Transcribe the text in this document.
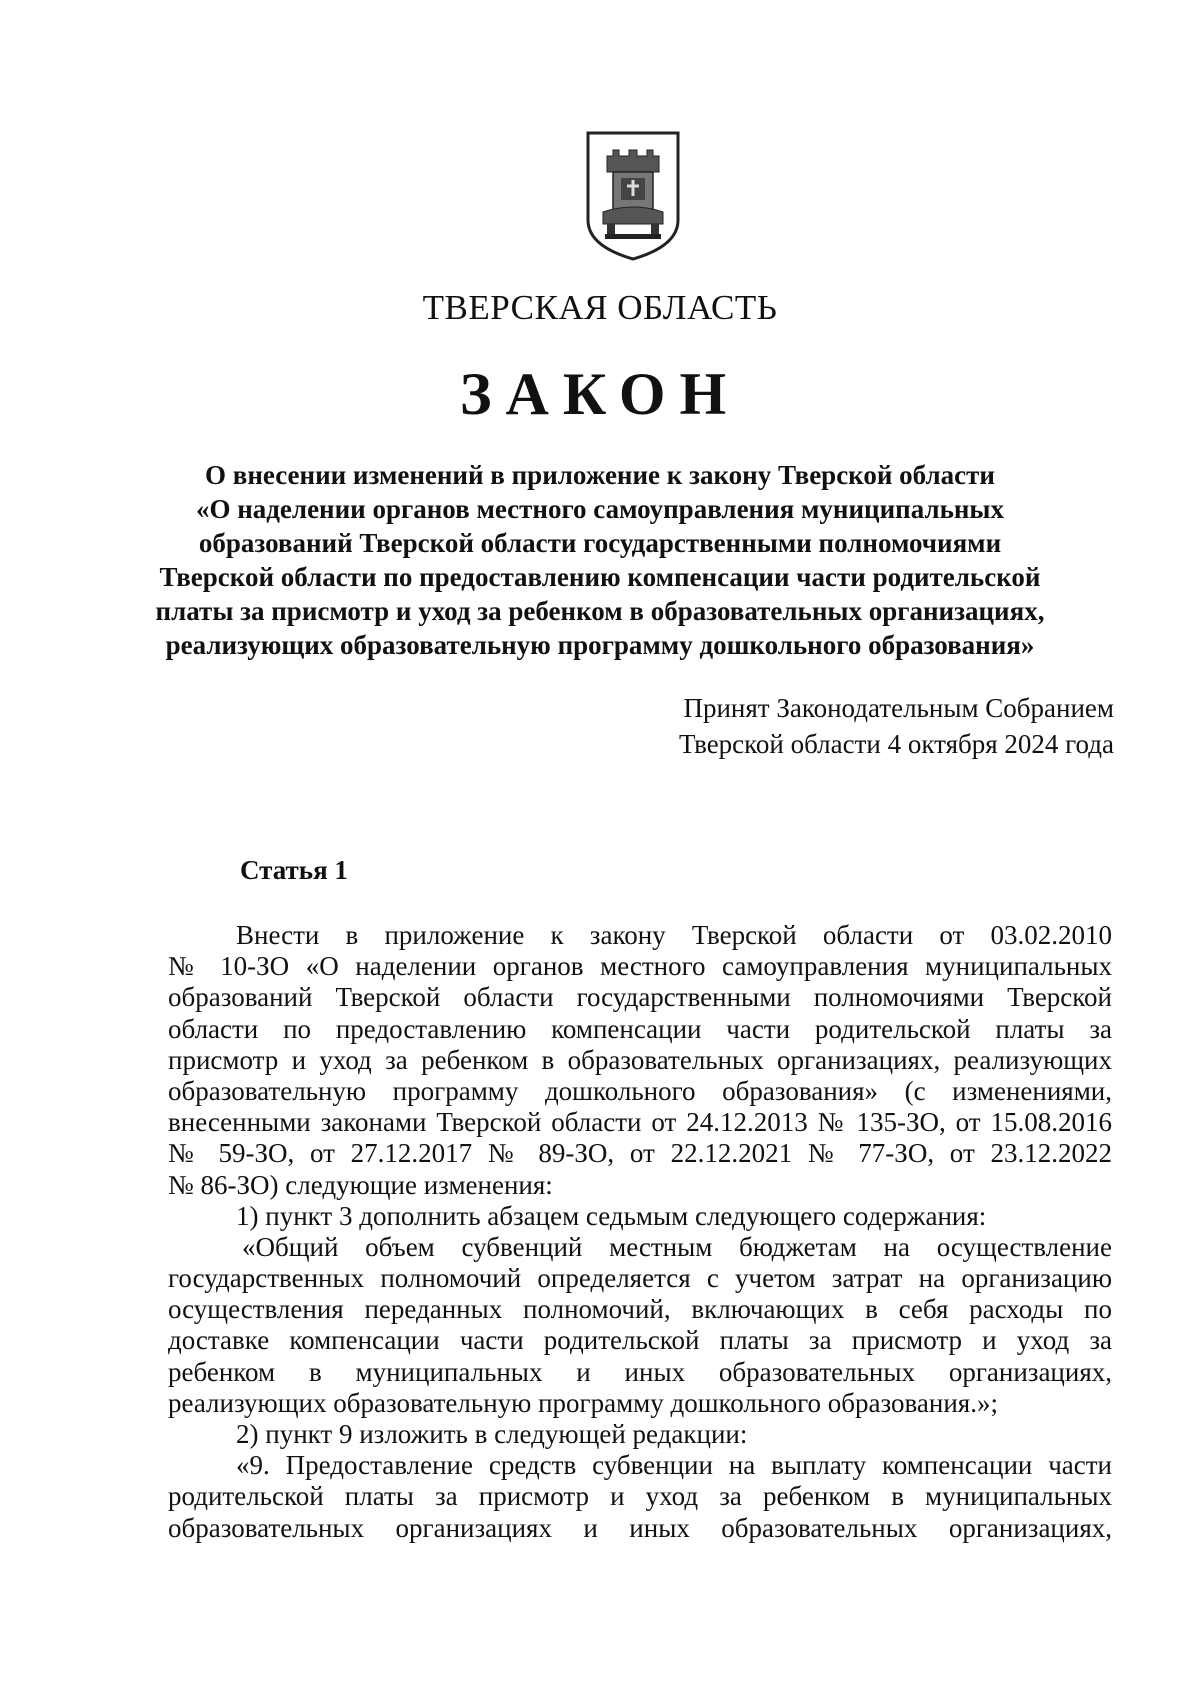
ТВЕРСКАЯ ОБЛАСТЬ
ЗАКОН
О внесении изменений в приложение к закону Тверской области
«О наделении органов местного самоуправления муниципальных
образований Тверской области государственными полномочиями
Тверской области по предоставлению компенсации части родительской
платы за присмотр и уход за ребенком в образовательных организациях,
реализующих образовательную программу дошкольного образования»
Принят Законодательным Собранием
Тверской области 4 октября 2024 года
Статья 1
Внести в приложение к закону Тверской области от 03.02.2010
№ 10-ЗО «О наделении органов местного самоуправления муниципальных
образований Тверской области государственными полномочиями Тверской
области по предоставлению компенсации части родительской платы за
присмотр и уход за ребенком в образовательных организациях, реализующих
образовательную программу дошкольного образования» (с изменениями,
внесенными законами Тверской области от 24.12.2013 № 135-ЗО, от 15.08.2016
№ 59-ЗО, от 27.12.2017 № 89-ЗО, от 22.12.2021 № 77-ЗО, от 23.12.2022
№ 86-ЗО) следующие изменения:
1) пункт 3 дополнить абзацем седьмым следующего содержания:
«Общий объем субвенций местным бюджетам на осуществление
государственных полномочий определяется с учетом затрат на организацию
осуществления переданных полномочий, включающих в себя расходы по
доставке компенсации части родительской платы за присмотр и уход за
ребенком в муниципальных и иных образовательных организациях,
реализующих образовательную программу дошкольного образования.»;
2) пункт 9 изложить в следующей редакции:
«9. Предоставление средств субвенции на выплату компенсации части
родительской платы за присмотр и уход за ребенком в муниципальных
образовательных организациях и иных образовательных организациях,
